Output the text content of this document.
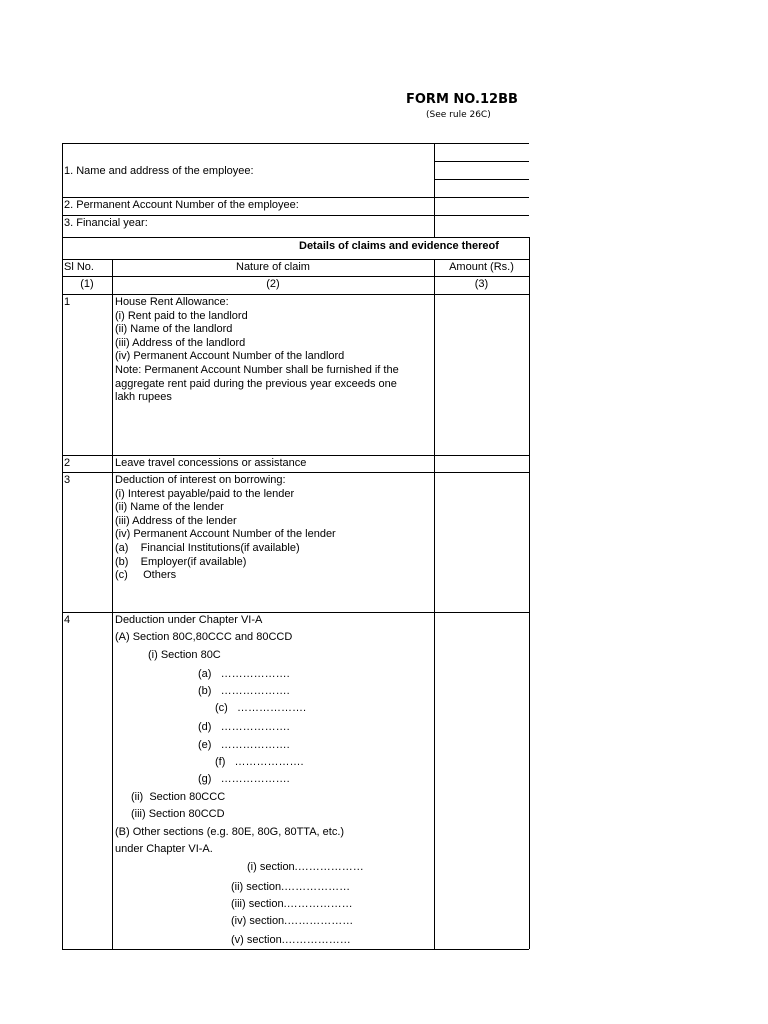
FORM NO.12BB
(See rule 26C)
1. Name and address of the employee:
2. Permanent Account Number of the employee:
3. Financial year:
Details of claims and evidence thereof
Sl No.	Nature of claim	Amount (Rs.)
(1)	(2)	(3)
1	House Rent Allowance:
(i) Rent paid to the landlord
(ii) Name of the landlord
(iii) Address of the landlord
(iv) Permanent Account Number of the landlord
Note: Permanent Account Number shall be furnished if the
aggregate rent paid during the previous year exceeds one
lakh rupees
2	Leave travel concessions or assistance
3	Deduction of interest on borrowing:
(i) Interest payable/paid to the lender
(ii) Name of the lender
(iii) Address of the lender
(iv) Permanent Account Number of the lender
(a)    Financial Institutions(if available)
(b)    Employer(if available)
(c)     Others
4	Deduction under Chapter VI-A
(A) Section 80C,80CCC and 80CCD
(i) Section 80C
(a)   ……………….
(b)   ……………….
(c)   ……………….
(d)   ……………….
(e)   ……………….
(f)   ……………….
(g)   ……………….
(ii)  Section 80CCC
(iii) Section 80CCD
(B) Other sections (e.g. 80E, 80G, 80TTA, etc.)
under Chapter VI-A.
(i) section.………………
(ii) section.………………
(iii) section.………………
(iv) section.………………
(v) section.………………
